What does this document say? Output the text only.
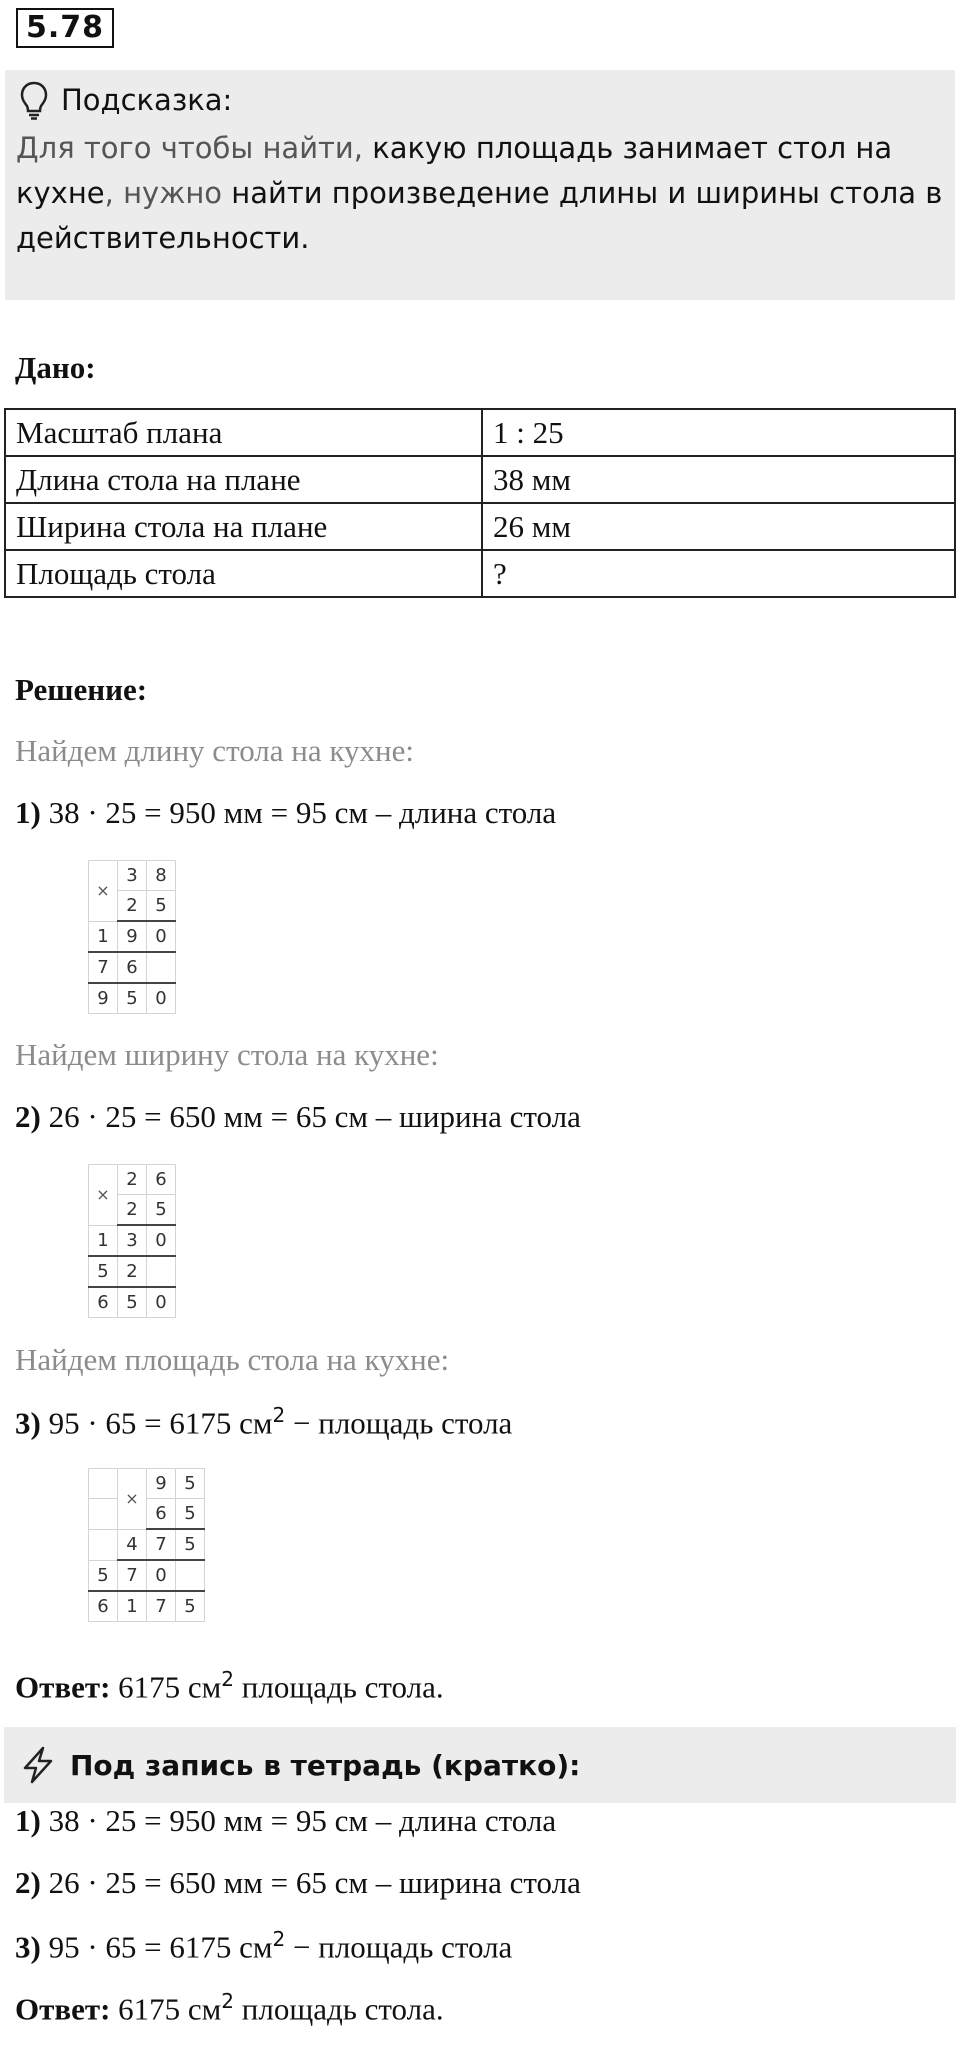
5.78
Подсказка:
Для того чтобы найти, какую площадь занимает стол на кухне, нужно найти произведение длины и ширины стола в действительности.
Дано:
Масштаб плана	1 : 25
Длина стола на плане	38 мм
Ширина стола на плане	26 мм
Площадь стола	?
Решение:
Найдем длину стола на кухне:
1) 38 · 25 = 950 мм = 95 см – длина стола
×	3	8
	2	5
1	9	0
7	6	
9	5	0
Найдем ширину стола на кухне:
2) 26 · 25 = 650 мм = 65 см – ширина стола
×	2	6
	2	5
1	3	0
5	2	
6	5	0
Найдем площадь стола на кухне:
3) 95 · 65 = 6175 $см^2$ − площадь стола
	×	9	5
		6	5
	4	7	5
5	7	0	
6	1	7	5
Ответ: 6175 $см^2$ площадь стола.
Под запись в тетрадь (кратко):
1) 38 · 25 = 950 мм = 95 см – длина стола
2) 26 · 25 = 650 мм = 65 см – ширина стола
3) 95 · 65 = 6175 $см^2$ − площадь стола
Ответ: 6175 $см^2$ площадь стола.
